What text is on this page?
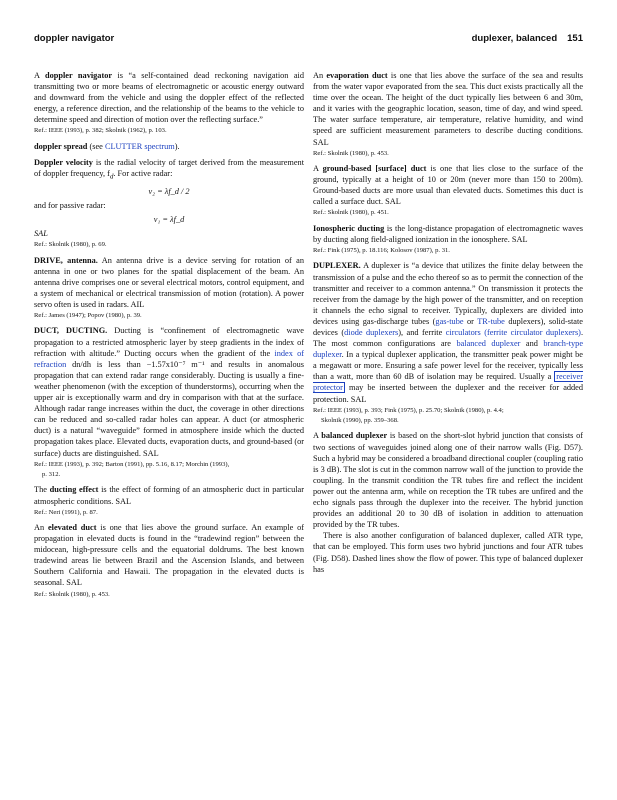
doppler navigator	duplexer, balanced 151

A doppler navigator is “a self-contained dead reckoning navigation aid transmitting two or more beams of electromagnetic or acoustic energy outward and downward from the vehicle and using the doppler effect of the reflected energy, a reference direction, and the relationship of the beams to the vehicle to determine speed and direction of motion over the reflecting surface.”

Ref.: IEEE (1993), p. 382; Skolnik (1962), p. 103.

doppler spread (see CLUTTER spectrum).

Doppler velocity is the radial velocity of target derived from the measurement of doppler frequency, $f_d$. For active radar:

v₂ = λf_d / 2

and for passive radar:

v₁ = λf_d

SAL

Ref.: Skolnik (1980), p. 69.

DRIVE, antenna. An antenna drive is a device serving for rotation of an antenna in one or two planes for the spatial displacement of the beam. An antenna drive comprises one or several electrical motors, control equipment, and a system of mechanical or electrical transmission of motion (rotation). A power servo often is used in radars. AIL

Ref.: James (1947); Popov (1980), p. 39.

DUCT, DUCTING. Ducting is “confinement of electromagnetic wave propagation to a restricted atmospheric layer by steep gradients in the index of refraction with altitude.” Ducting occurs when the gradient of the index of refraction dn/dh is less than −1.57x10⁻⁷ m⁻¹ and results in anomalous propagation that can extend radar range considerably. Ducting is usually a fine-weather phenomenon (with the exception of thunderstorms), occurring when the upper air is exceptionally warm and dry in comparison with that at the surface. Although radar range increases within the duct, the coverage in other directions can be reduced and so-called radar holes can appear. A duct (or atmospheric duct) is a natural “waveguide” formed in atmosphere inside which the ducted propagation takes place. Elevated ducts, evaporation ducts, and ground-based (or surface) ducts are distinguished. SAL

Ref.: IEEE (1993), p. 392; Barton (1991), pp. 5.16, 8.17; Morchin (1993),

p. 312.

The ducting effect is the effect of forming of an atmospheric duct in particular atmospheric conditions. SAL

Ref.: Neri (1991), p. 87.

An elevated duct is one that lies above the ground surface. An example of propagation in elevated ducts is found in the “tradewind region” between the midocean, high-pressure cells and the equatorial doldrums. The best known tradewind areas lie between Brazil and the Ascension Islands, and between Southern California and Hawaii. The propagation in the elevated ducts is seasonal. SAL

Ref.: Skolnik (1980), p. 453.

An evaporation duct is one that lies above the surface of the sea and results from the water vapor evaporated from the sea. This duct exists practically all the time over the ocean. The height of the duct typically lies between 6 and 30m, and it varies with the geographic location, season, time of day, and wind speed. The water surface temperature, air temperature, relative humidity, and wind speed are sufficient measurement parameters to describe ducting conditions. SAL

Ref.: Skolnik (1980), p. 453.

A ground-based [surface] duct is one that lies close to the surface of the ground, typically at a height of 10 or 20m (never more than 150 to 200m). Ground-based ducts are more usual than elevated ducts. Sometimes this duct is called a surface duct. SAL

Ref.: Skolnik (1980), p. 451.

Ionospheric ducting is the long-distance propagation of electromagnetic waves by ducting along field-aligned ionization in the ionosphere. SAL

Ref.: Fink (1975), p. 18.116; Kolosov (1987), p. 31.

DUPLEXER. A duplexer is “a device that utilizes the finite delay between the transmission of a pulse and the echo thereof so as to permit the connection of the transmitter and receiver to a common antenna.” On transmission it protects the receiver from the damage by the high power of the transmitter, and on reception it channels the echo signal to receiver. Typically, duplexers are divided into devices using gas-discharge tubes (gas-tube or TR-tube duplexers), solid-state devices (diode duplexers), and ferrite circulators (ferrite circulator duplexers). The most common configurations are balanced duplexer and branch-type duplexer. In a typical duplexer application, the transmitter peak power might be a megawatt or more. Ensuring a safe power level for the receiver, typically less than a watt, more than 60 dB of isolation may be required. Usually a receiver protector may be inserted between the duplexer and the receiver for added protection. SAL

Ref.: IEEE (1993), p. 393; Fink (1975), p. 25.70; Skolnik (1980), p. 4.4;

Skolnik (1990), pp. 359–368.

A balanced duplexer is based on the short-slot hybrid junction that consists of two sections of waveguides joined along one of their narrow walls (Fig. D57). Such a hybrid may be considered a broadband directional coupler (coupling ratio is 3 dB). The slot is cut in the common narrow wall of the junction to provide the coupling. In the transmit condition the TR tubes fire and reflect the incident power out the antenna arm, while on reception the TR tubes are unfired and the echo signals pass through the duplexer into the receiver. The hybrid junction provides an additional 20 to 30 dB of isolation in addition to attenuation provided by the TR tubes.

There is also another configuration of balanced duplexer, called ATR type, that can be employed. This form uses two hybrid junctions and four ATR tubes (Fig. D58). Dashed lines show the flow of power. This type of balanced duplexer has
